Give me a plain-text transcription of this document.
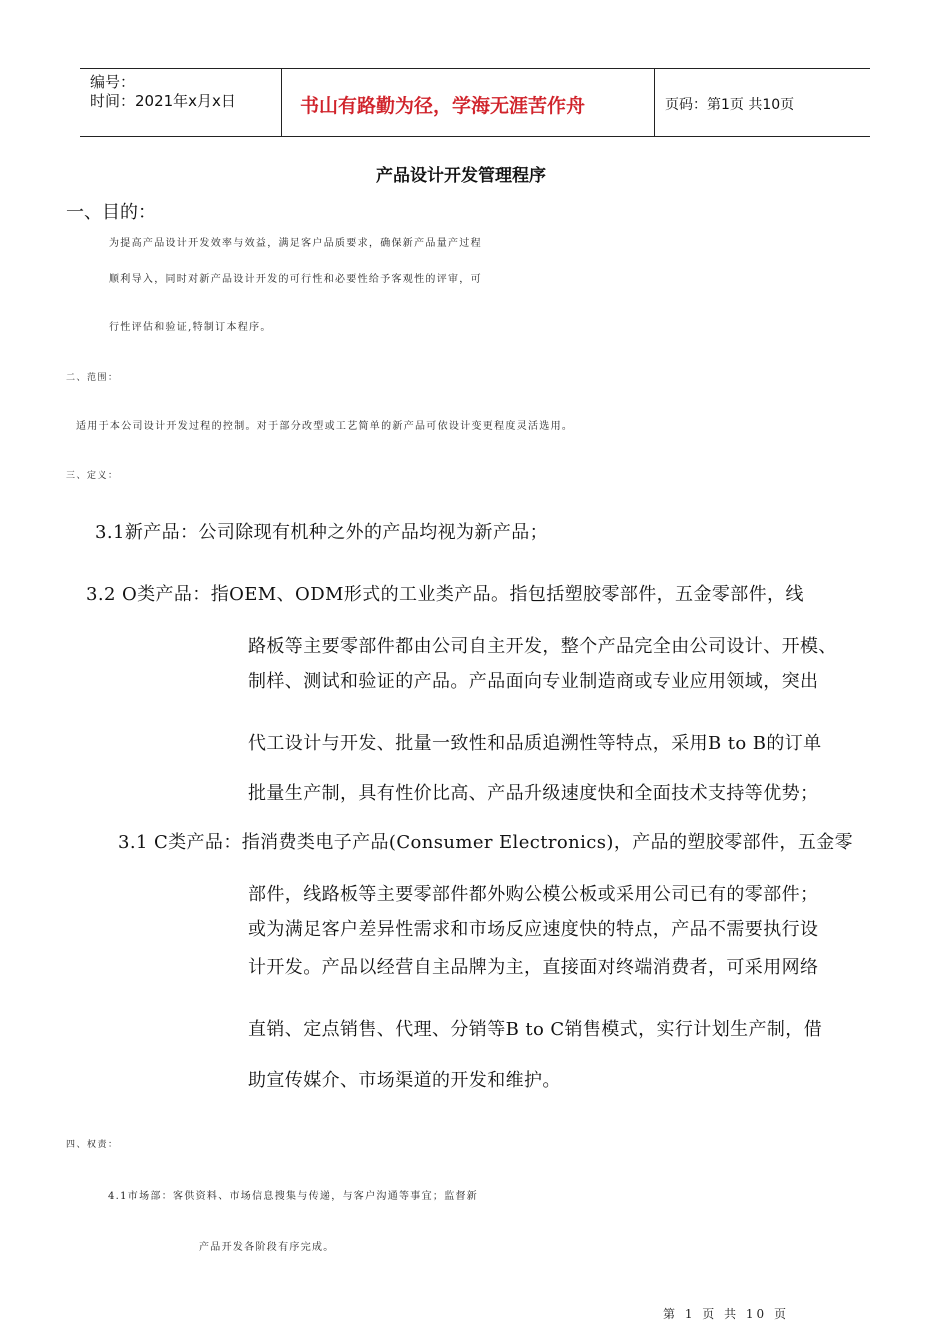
编号：
时间：2021年x月x日	书山有路勤为径，学海无涯苦作舟	页码：第1页 共10页
产品设计开发管理程序
一、目的：
为提高产品设计开发效率与效益，满足客户品质要求，确保新产品量产过程
顺利导入，同时对新产品设计开发的可行性和必要性给予客观性的评审，可
行性评估和验证,特制订本程序。
二、范围：
适用于本公司设计开发过程的控制。对于部分改型或工艺简单的新产品可依设计变更程度灵活选用。
三、定义：
3.1新产品：公司除现有机种之外的产品均视为新产品；
3.2 O类产品：指OEM、ODM形式的工业类产品。指包括塑胶零部件，五金零部件，线
路板等主要零部件都由公司自主开发，整个产品完全由公司设计、开模、
制样、测试和验证的产品。产品面向专业制造商或专业应用领域，突出
代工设计与开发、批量一致性和品质追溯性等特点，采用B to B的订单
批量生产制，具有性价比高、产品升级速度快和全面技术支持等优势；
3.1 C类产品：指消费类电子产品(Consumer Electronics)，产品的塑胶零部件，五金零
部件，线路板等主要零部件都外购公模公板或采用公司已有的零部件；
或为满足客户差异性需求和市场反应速度快的特点，产品不需要执行设
计开发。产品以经营自主品牌为主，直接面对终端消费者，可采用网络
直销、定点销售、代理、分销等B to C销售模式，实行计划生产制，借
助宣传媒介、市场渠道的开发和维护。
四、权责：
4.1市场部：客供资料、市场信息搜集与传递，与客户沟通等事宜；监督新
产品开发各阶段有序完成。
第 1 页 共 10 页
